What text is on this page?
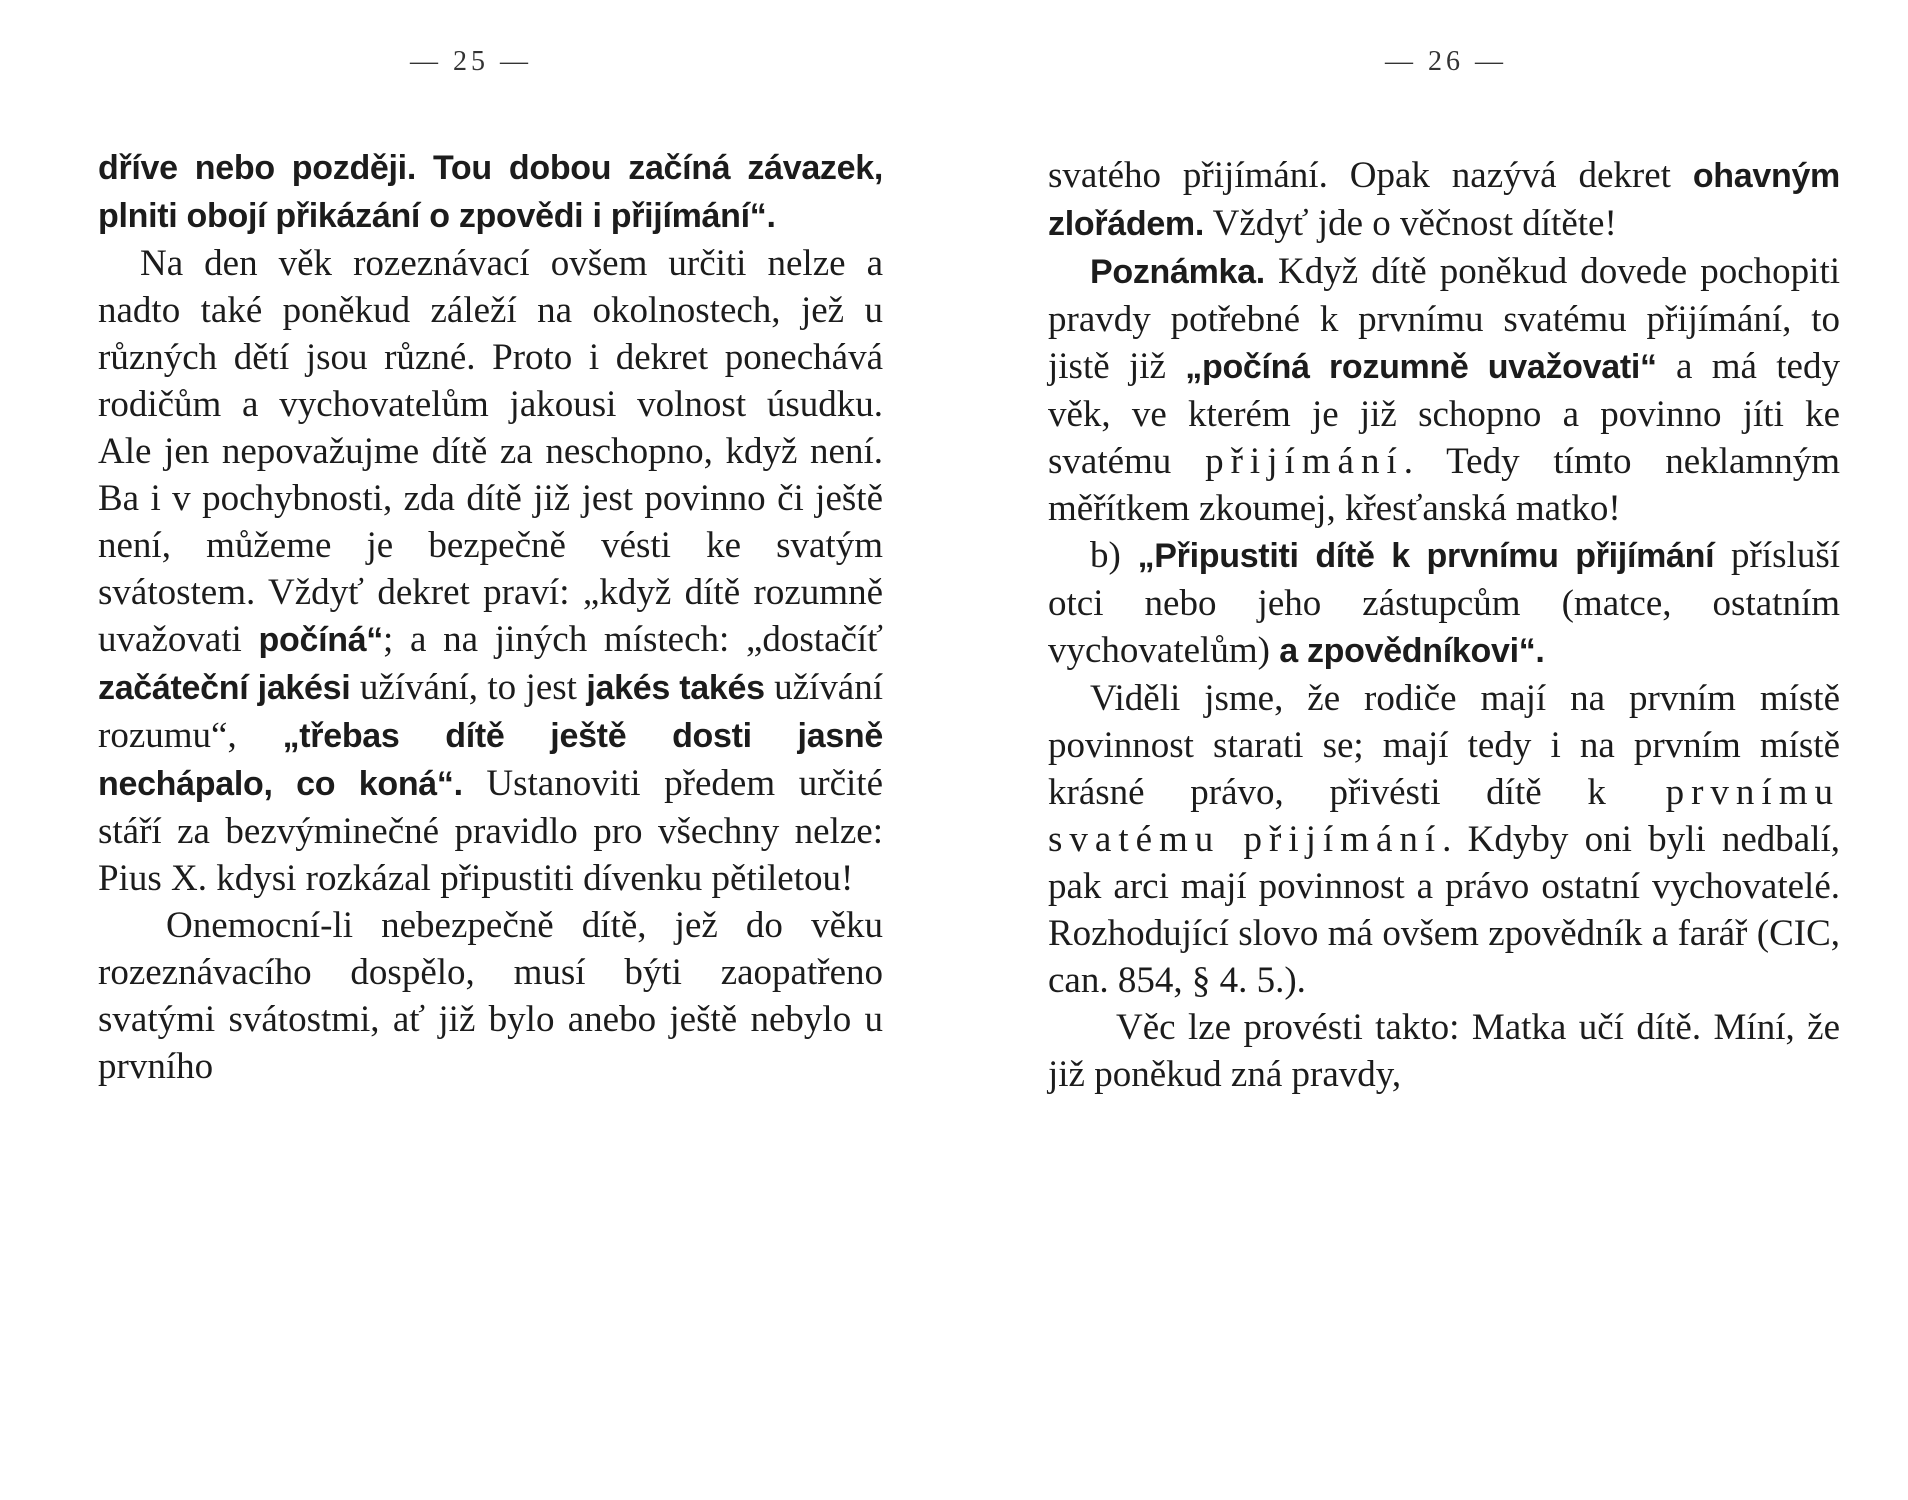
— 25 —

dříve nebo později. Tou dobou začíná závazek, plniti obojí přikázání o zpovědi i přijímání“.

Na den věk rozeznávací ovšem určiti nelze a nadto také poněkud záleží na okolnostech, jež u různých dětí jsou různé. Proto i dekret ponechává rodičům a vychovatelům jakousi volnost úsudku. Ale jen nepovažujme dítě za neschopno, když není. Ba i v pochybnosti, zda dítě již jest povinno či ještě není, můžeme je bezpečně vésti ke svatým svátostem. Vždyť dekret praví: „když dítě rozumně uvažovati počíná“; a na jiných místech: „dostačíť začáteční jakési užívání, to jest jakés takés užívání rozumu“, „třebas dítě ještě dosti jasně nechápalo, co koná“. Ustanoviti předem určité stáří za bezvýminečné pravidlo pro všechny nelze: Pius X. kdysi rozkázal připustiti dívenku pětiletou!

Onemocní-li nebezpečně dítě, jež do věku rozeznávacího dospělo, musí býti zaopatřeno svatými svátostmi, ať již bylo anebo ještě nebylo u prvního

— 26 —

svatého přijímání. Opak nazývá dekret ohavným zlořádem. Vždyť jde o věčnost dítěte!

Poznámka. Když dítě poněkud dovede pochopiti pravdy potřebné k prvnímu svatému přijímání, to jistě již „počíná rozumně uvažovati“ a má tedy věk, ve kterém je již schopno a povinno jíti ke svatému přijímání. Tedy tímto neklamným měřítkem zkoumej, křesťanská matko!

b) „Připustiti dítě k prvnímu přijímání přísluší otci nebo jeho zástupcům (matce, ostatním vychovatelům) a zpovědníkovi“.

Viděli jsme, že rodiče mají na prvním místě povinnost starati se; mají tedy i na prvním místě krásné právo, přivésti dítě k prvnímu svatému přijímání. Kdyby oni byli nedbalí, pak arci mají povinnost a právo ostatní vychovatelé. Rozhodující slovo má ovšem zpovědník a farář (CIC, can. 854, § 4. 5.).

Věc lze provésti takto: Matka učí dítě. Míní, že již poněkud zná pravdy,
